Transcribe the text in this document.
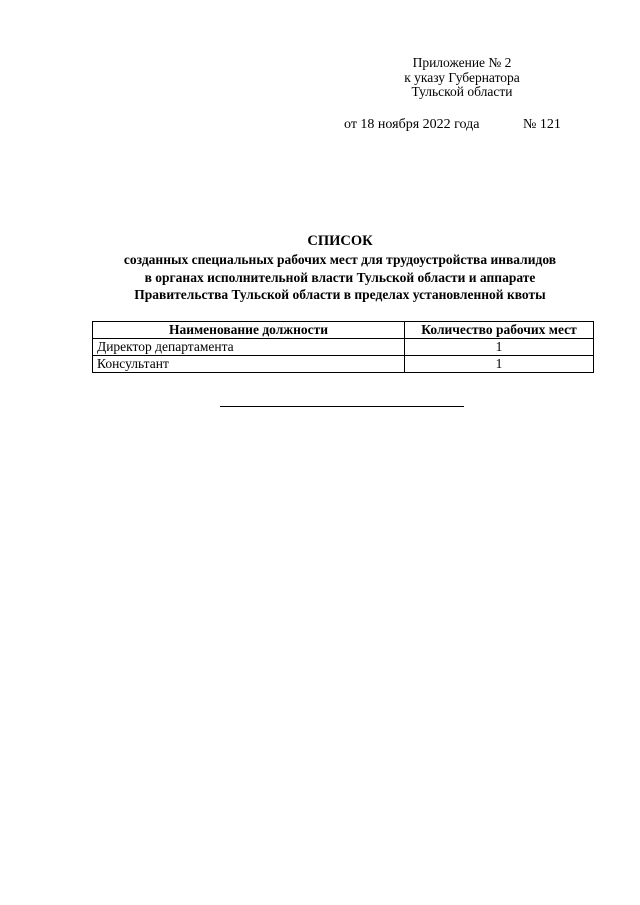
Приложение № 2
к указу Губернатора
Тульской области
от 18 ноября 2022 года	№ 121
СПИСОК
созданных специальных рабочих мест для трудоустройства инвалидов
в органах исполнительной власти Тульской области и аппарате
Правительства Тульской области в пределах установленной квоты
Наименование должности	Количество рабочих мест
Директор департамента	1
Консультант	1
